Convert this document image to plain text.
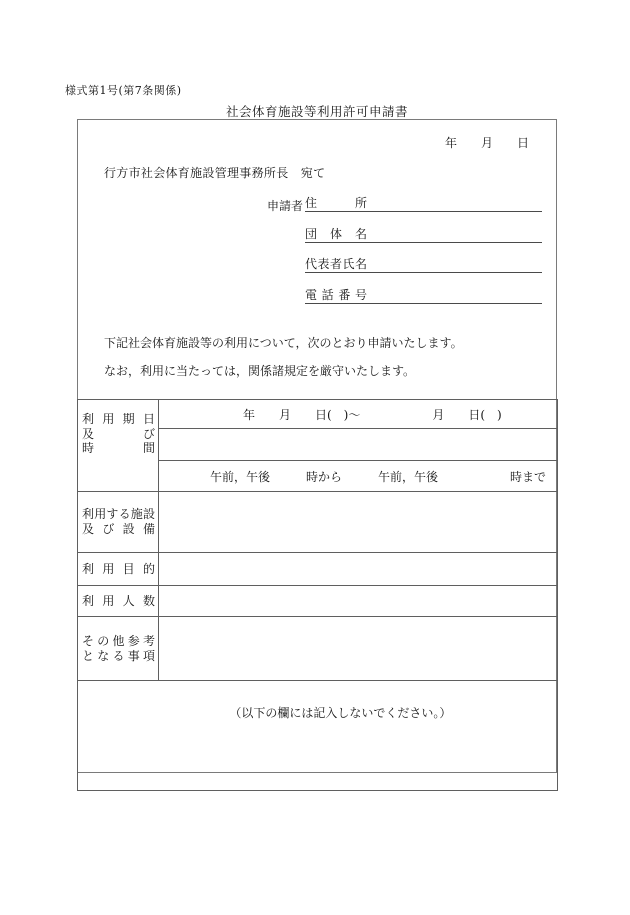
様式第1号(第7条関係)
社会体育施設等利用許可申請書
年　　月　　日
行方市社会体育施設管理事務所長　宛て
申請者 住所
団体名
代表者氏名
電話番号
下記社会体育施設等の利用について，次のとおり申請いたします。
なお，利用に当たっては，関係諸規定を厳守いたします。
利用期日
及び
時間	年　　月　　日(　)～　　　　　　月　　日(　)

	午前，午後　　　時から　　　午前，午後　　　　　　時まで

利用する施設
及び設備	

利用目的	

利用人数	

その他参考
となる事項	

（以下の欄には記入しないでください。）	
